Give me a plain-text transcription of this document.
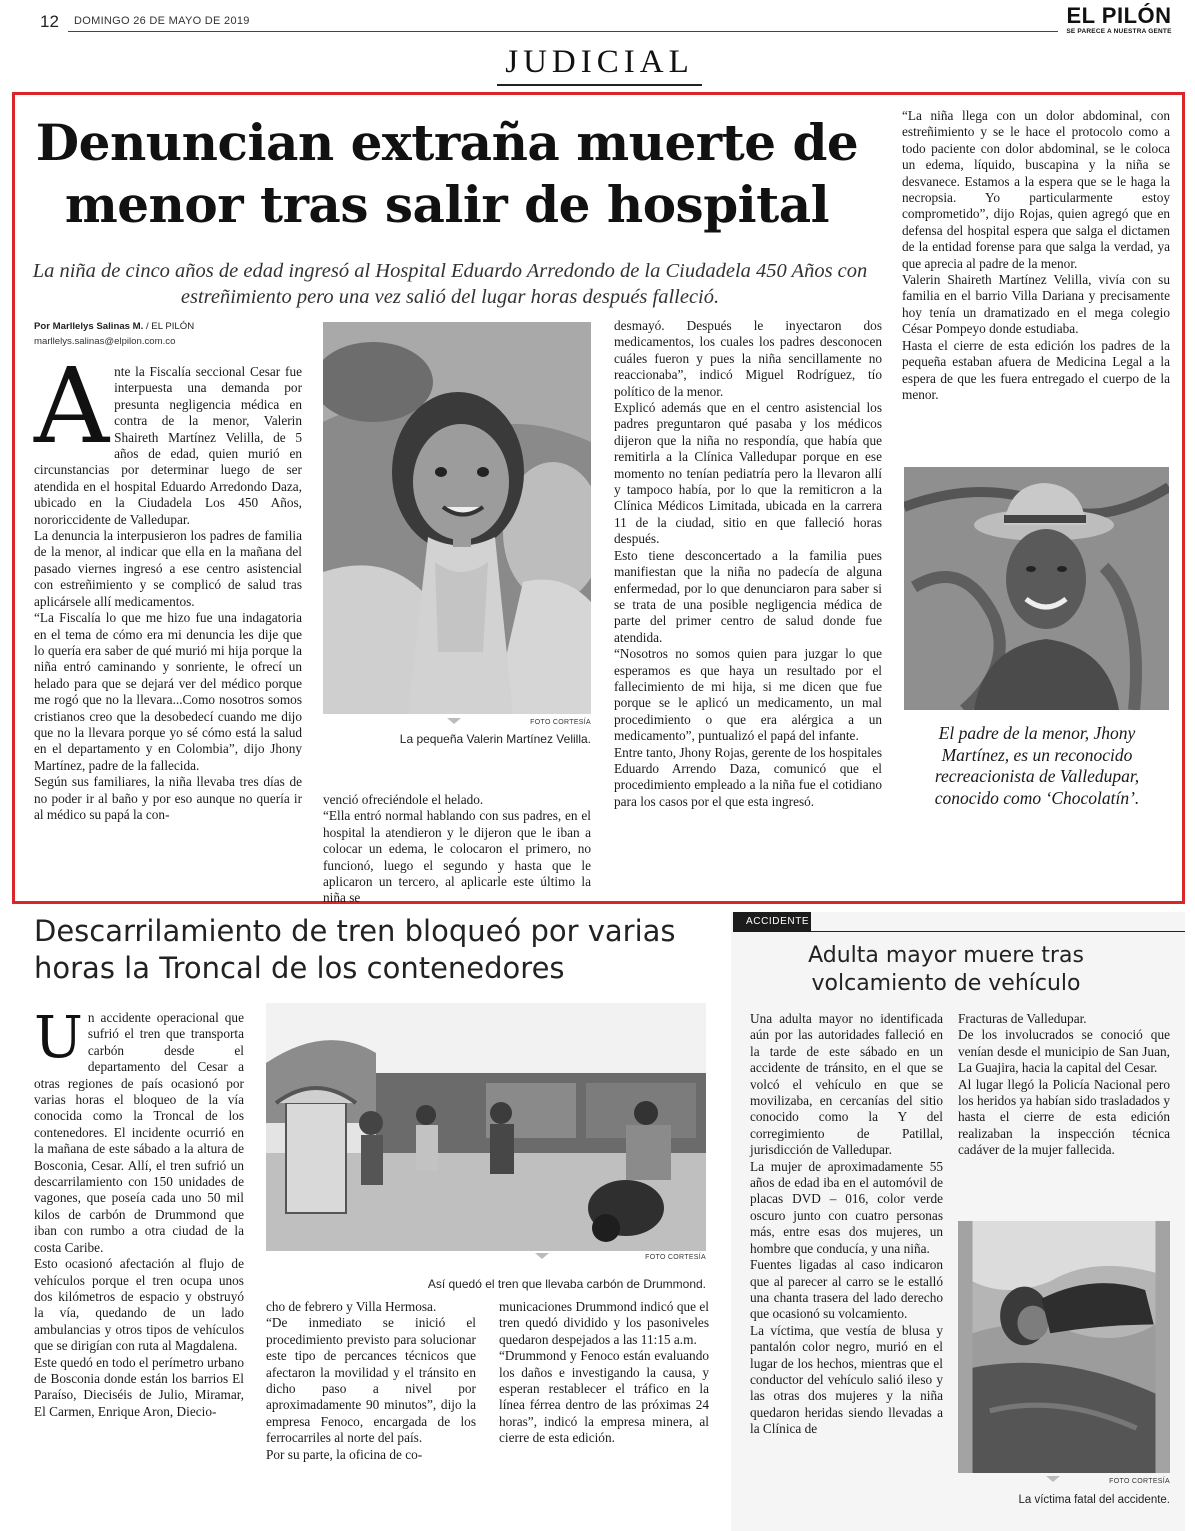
12 DOMINGO 26 DE MAYO DE 2019	EL PILÓN
SE PARECE A NUESTRA GENTE
JUDICIAL
Denuncian extraña muerte de menor tras salir de hospital
La niña de cinco años de edad ingresó al Hospital Eduardo Arredondo de la Ciudadela 450 Años con estreñimiento pero una vez salió del lugar horas después falleció.
Por Marllelys Salinas M. / EL PILÓN
marllelys.salinas@elpilon.com.co
A nte la Fiscalía seccional Cesar fue interpuesta una demanda por presunta negligencia médica en contra de la menor, Valerin Shaireth Martínez Velilla, de 5 años de edad, quien murió en circunstancias por determinar luego de ser atendida en el hospital Eduardo Arredondo Daza, ubicado en la Ciudadela Los 450 Años, nororiccidente de Valledupar.

La denuncia la interpusieron los padres de familia de la menor, al indicar que ella en la mañana del pasado viernes ingresó a ese centro asistencial con estreñimiento y se complicó de salud tras aplicársele allí medicamentos.

“La Fiscalía lo que me hizo fue una indagatoria en el tema de cómo era mi denuncia les dije que lo quería era saber de qué murió mi hija porque la niña entró caminando y sonriente, le ofrecí un helado para que se dejará ver del médico porque me rogó que no la llevara...Como nosotros somos cristianos creo que la desobedecí cuando me dijo que no la llevara porque yo sé cómo está la salud en el departamento y en Colombia”, dijo Jhony Martínez, padre de la fallecida.

Según sus familiares, la niña llevaba tres días de no poder ir al baño y por eso aunque no quería ir al médico su papá la con-

FOTO CORTESÍA
La pequeña Valerin Martínez Velilla.

venció ofreciéndole el helado.

“Ella entró normal hablando con sus padres, en el hospital la atendieron y le dijeron que le iban a colocar un edema, le colocaron el primero, no funcionó, luego el segundo y hasta que le aplicaron un tercero, al aplicarle este último la niña se

desmayó. Después le inyectaron dos medicamentos, los cuales los padres desconocen cuáles fueron y pues la niña sencillamente no reaccionaba”, indicó Miguel Rodríguez, tío político de la menor.

Explicó además que en el centro asistencial los padres preguntaron qué pasaba y los médicos dijeron que la niña no respondía, que había que remitirla a la Clínica Valledupar porque en ese momento no tenían pediatría pero la llevaron allí y tampoco había, por lo que la remiticron a la Clínica Médicos Limitada, ubicada en la carrera 11 de la ciudad, sitio en que falleció horas después.

Esto tiene desconcertado a la familia pues manifiestan que la niña no padecía de alguna enfermedad, por lo que denunciaron para saber si se trata de una posible negligencia médica de parte del primer centro de salud donde fue atendida.

“Nosotros no somos quien para juzgar lo que esperamos es que haya un resultado por el fallecimiento de mi hija, si me dicen que fue porque se le aplicó un medicamento, un mal procedimiento o que era alérgica a un medicamento”, puntualizó el papá del infante.

Entre tanto, Jhony Rojas, gerente de los hospitales Eduardo Arrendo Daza, comunicó que el procedimiento empleado a la niña fue el cotidiano para los casos por el que esta ingresó.

“La niña llega con un dolor abdominal, con estreñimiento y se le hace el protocolo como a todo paciente con dolor abdominal, se le coloca un edema, líquido, buscapina y la niña se desvanece. Estamos a la espera que se le haga la necropsia. Yo particularmente estoy comprometido”, dijo Rojas, quien agregó que en defensa del hospital espera que salga el dictamen de la entidad forense para que salga la verdad, ya que aprecia al padre de la menor.

Valerin Shaireth Martínez Velilla, vivía con su familia en el barrio Villa Dariana y precisamente hoy tenía un dramatizado en el mega colegio César Pompeyo donde estudiaba.

Hasta el cierre de esta edición los padres de la pequeña estaban afuera de Medicina Legal a la espera de que les fuera entregado el cuerpo de la menor.

El padre de la menor, Jhony Martínez, es un reconocido recreacionista de Valledupar, conocido como ‘Chocolatín’.
Descarrilamiento de tren bloqueó por varias horas la Troncal de los contenedores
U n accidente operacional que sufrió el tren que transporta carbón desde el departamento del Cesar a otras regiones de país ocasionó por varias horas el bloqueo de la vía conocida como la Troncal de los contenedores. El incidente ocurrió en la mañana de este sábado a la altura de Bosconia, Cesar. Allí, el tren sufrió un descarrilamiento con 150 unidades de vagones, que poseía cada uno 50 mil kilos de carbón de Drummond que iban con rumbo a otra ciudad de la costa Caribe.

Esto ocasionó afectación al flujo de vehículos porque el tren ocupa unos dos kilómetros de espacio y obstruyó la vía, quedando de un lado ambulancias y otros tipos de vehículos que se dirigían con ruta al Magdalena.

Este quedó en todo el perímetro urbano de Bosconia donde están los barrios El Paraíso, Dieciséis de Julio, Miramar, El Carmen, Enrique Aron, Diecio-

FOTO CORTESÍA
Así quedó el tren que llevaba carbón de Drummond.

cho de febrero y Villa Hermosa.

“De inmediato se inició el procedimiento previsto para solucionar este tipo de percances técnicos que afectaron la movilidad y el tránsito en dicho paso a nivel por aproximadamente 90 minutos”, dijo la empresa Fenoco, encargada de los ferrocarriles al norte del país.

Por su parte, la oficina de co-

municaciones Drummond indicó que el tren quedó dividido y los pasoniveles quedaron despejados a las 11:15 a.m.

“Drummond y Fenoco están evaluando los daños e investigando la causa, y esperan restablecer el tráfico en la línea férrea dentro de las próximas 24 horas”, indicó la empresa minera, al cierre de esta edición.

ACCIDENTE
Adulta mayor muere tras volcamiento de vehículo

Una adulta mayor no identificada aún por las autoridades falleció en la tarde de este sábado en un accidente de tránsito, en el que se volcó el vehículo en que se movilizaba, en cercanías del sitio conocido como la Y del corregimiento de Patillal, jurisdicción de Valledupar.

La mujer de aproximadamente 55 años de edad iba en el automóvil de placas DVD – 016, color verde oscuro junto con cuatro personas más, entre esas dos mujeres, un hombre que conducía, y una niña.

Fuentes ligadas al caso indicaron que al parecer al carro se le estalló una chanta trasera del lado derecho que ocasionó su volcamiento.

La víctima, que vestía de blusa y pantalón color negro, murió en el lugar de los hechos, mientras que el conductor del vehículo salió ileso y las otras dos mujeres y la niña quedaron heridas siendo llevadas a la Clínica de

Fracturas de Valledupar.

De los involucrados se conoció que venían desde el municipio de San Juan, La Guajira, hacia la capital del Cesar.

Al lugar llegó la Policía Nacional pero los heridos ya habían sido trasladados y hasta el cierre de esta edición realizaban la inspección técnica cadáver de la mujer fallecida.

FOTO CORTESÍA
La víctima fatal del accidente.
